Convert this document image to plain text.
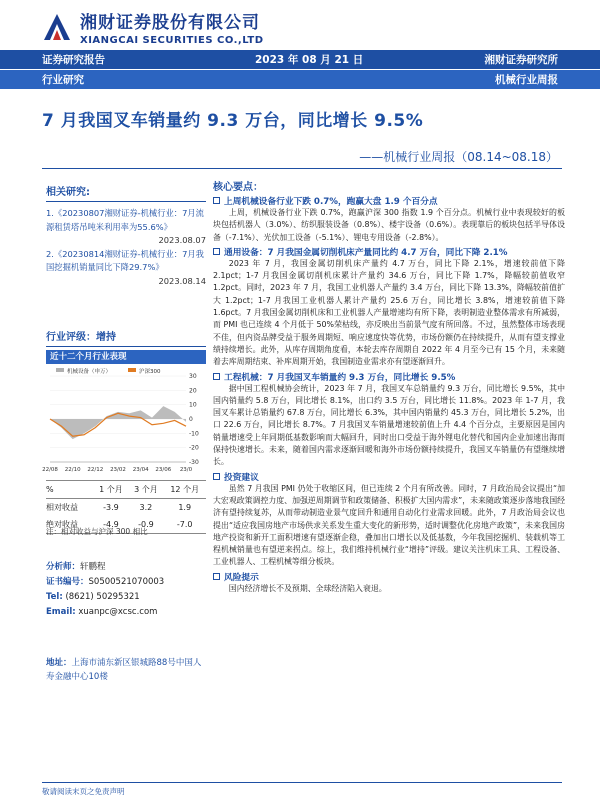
湘财证券股份有限公司
XIANGCAI SECURITIES CO.,LTD
证券研究报告	2023 年 08 月 21 日	湘财证券研究所
行业研究	机械行业周报
7 月我国叉车销量约 9.3 万台，同比增长 9.5%
——机械行业周报（08.14~08.18）
相关研究:

1.《20230807湘财证券-机械行业：7月流源租赁塔吊吨米利用率为55.6%》

2023.08.07

2.《20230814湘财证券-机械行业：7月我国挖掘机销量同比下降29.7%》

2023.08.14

行业评级：增持
近十二个月行业表现
机械设备（申万）	沪深300
30
20
10
0
-10
-20
-30
22/08 22/10 22/12 23/02 23/04 23/06 23/0
%	1 个月	3 个月	12 个月
相对收益	-3.9	3.2	1.9
绝对收益	-4.9	-0.9	-7.0
注：相对收益与沪深 300 相比
分析师：轩鹏程
证书编号：S0500521070003
Tel: (8621) 50295321
Email: xuanpc@xcsc.com
地址：上海市浦东新区银城路88号中国人寿金融中心10楼
核心要点：
上周机械设备行业下跌 0.7%，跑赢大盘 1.9 个百分点

上周，机械设备行业下跌 0.7%，跑赢沪深 300 指数 1.9 个百分点。机械行业中表现较好的板块包括机器人（3.0%）、纺织服装设备（0.8%）、楼宇设备（0.6%）。表现靠后的板块包括半导体设备（-7.1%）、光伏加工设备（-5.1%）、锂电专用设备（-2.8%）。

通用设备：7 月我国金属切削机床产量同比约 4.7 万台，同比下降 2.1%

2023 年 7 月，我国金属切削机床产量约 4.7 万台，同比下降 2.1%，增速较前值下降 2.1pct；1-7 月我国金属切削机床累计产量约 34.6 万台，同比下降 1.7%，降幅较前值收窄 1.2pct。同时，2023 年 7 月，我国工业机器人产量约 3.4 万台，同比下降 13.3%，降幅较前值扩大 1.2pct；1-7 月我国工业机器人累计产量约 25.6 万台，同比增长 3.8%，增速较前值下降 1.6pct。7 月我国金属切削机床和工业机器人产量增速均有所下降，表明制造业整体需求有所减弱，而 PMI 也已连续 4 个月低于 50%荣枯线，亦反映出当前景气度有所回落。不过，虽然整体市场表现不佳，但内资品牌受益于服务周期短、响应速度快等优势，市场份额仍在持续提升，从而有望支撑业绩持续增长。此外，从库存周期角度看，本轮去库存周期自 2022 年 4 月至今已有 15 个月，未来随着去库周期结束、补库周期开始，我国制造业需求亦有望逐渐回升。

工程机械：7 月我国叉车销量约 9.3 万台，同比增长 9.5%

据中国工程机械协会统计，2023 年 7 月，我国叉车总销量约 9.3 万台，同比增长 9.5%，其中国内销量约 5.8 万台，同比增长 8.1%，出口约 3.5 万台，同比增长 11.8%。2023 年 1-7 月，我国叉车累计总销量约 67.8 万台，同比增长 6.3%，其中国内销量约 45.3 万台，同比增长 5.2%，出口 22.6 万台，同比增长 8.7%。7 月我国叉车销量增速较前值上升 4.4 个百分点，主要原因是国内销量增速受上年同期低基数影响而大幅回升，同时出口受益于海外锂电化替代和国内企业加速出海而保持快速增长。未来，随着国内需求逐渐回暖和海外市场份额持续提升，我国叉车销量仍有望继续增长。

投资建议

虽然 7 月我国 PMI 仍处于收缩区间，但已连续 2 个月有所改善。同时，7 月政治局会议提出“加大宏观政策调控力度、加强逆周期调节和政策储备、积极扩大国内需求”，未来随政策逐步落地我国经济有望持续复苏，从而带动制造业景气度回升和通用自动化行业需求回暖。此外，7 月政治局会议也提出“适应我国房地产市场供求关系发生重大变化的新形势，适时调整优化房地产政策”，未来我国房地产投资和新开工面积增速有望逐渐企稳，叠加出口增长以及低基数，今年我国挖掘机、装载机等工程机械销量也有望逆来拐点。综上，我们维持机械行业“增持”评级。建议关注机床工具、工程设备、工业机器人、工程机械等细分板块。

风险提示

国内经济增长不及预期、全球经济陷入衰退。

敬请阅读末页之免责声明
